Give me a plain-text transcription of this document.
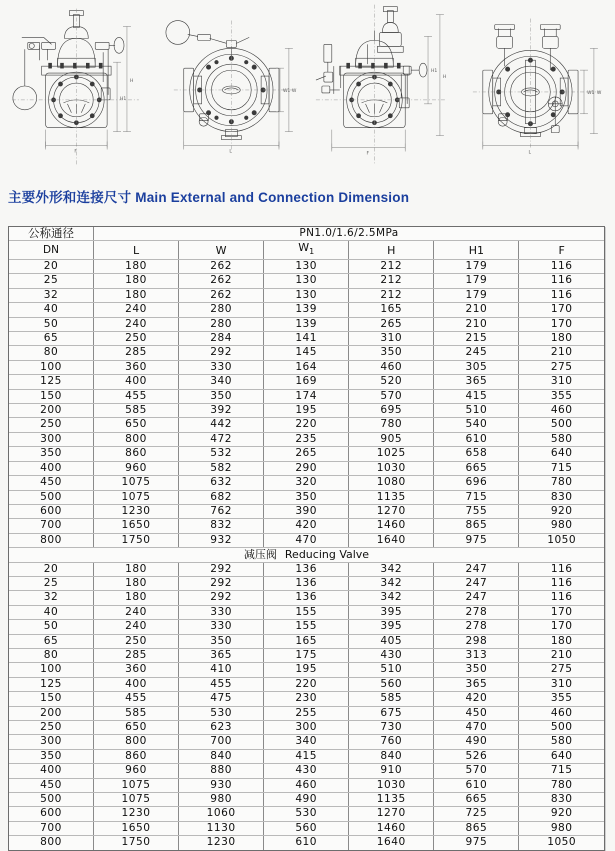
H
H1
F
W
W1
L
H
H1
F
W
W1
L
主要外形和连接尺寸 Main External and Connection Dimension
公称通径	PN1.0/1.6/2.5MPa					
DN	L	W	$W_1$	H	H1	F
20	180	262	130	212	179	116
25	180	262	130	212	179	116
32	180	262	130	212	179	116
40	240	280	139	165	210	170
50	240	280	139	265	210	170
65	250	284	141	310	215	180
80	285	292	145	350	245	210
100	360	330	164	460	305	275
125	400	340	169	520	365	310
150	455	350	174	570	415	355
200	585	392	195	695	510	460
250	650	442	220	780	540	500
300	800	472	235	905	610	580
350	860	532	265	1025	658	640
400	960	582	290	1030	665	715
450	1075	632	320	1080	696	780
500	1075	682	350	1135	715	830
600	1230	762	390	1270	755	920
700	1650	832	420	1460	865	980
800	1750	932	470	1640	975	1050
减压阀 Reducing Valve						
20	180	292	136	342	247	116
25	180	292	136	342	247	116
32	180	292	136	342	247	116
40	240	330	155	395	278	170
50	240	330	155	395	278	170
65	250	350	165	405	298	180
80	285	365	175	430	313	210
100	360	410	195	510	350	275
125	400	455	220	560	365	310
150	455	475	230	585	420	355
200	585	530	255	675	450	460
250	650	623	300	730	470	500
300	800	700	340	760	490	580
350	860	840	415	840	526	640
400	960	880	430	910	570	715
450	1075	930	460	1030	610	780
500	1075	980	490	1135	665	830
600	1230	1060	530	1270	725	920
700	1650	1130	560	1460	865	980
800	1750	1230	610	1640	975	1050
